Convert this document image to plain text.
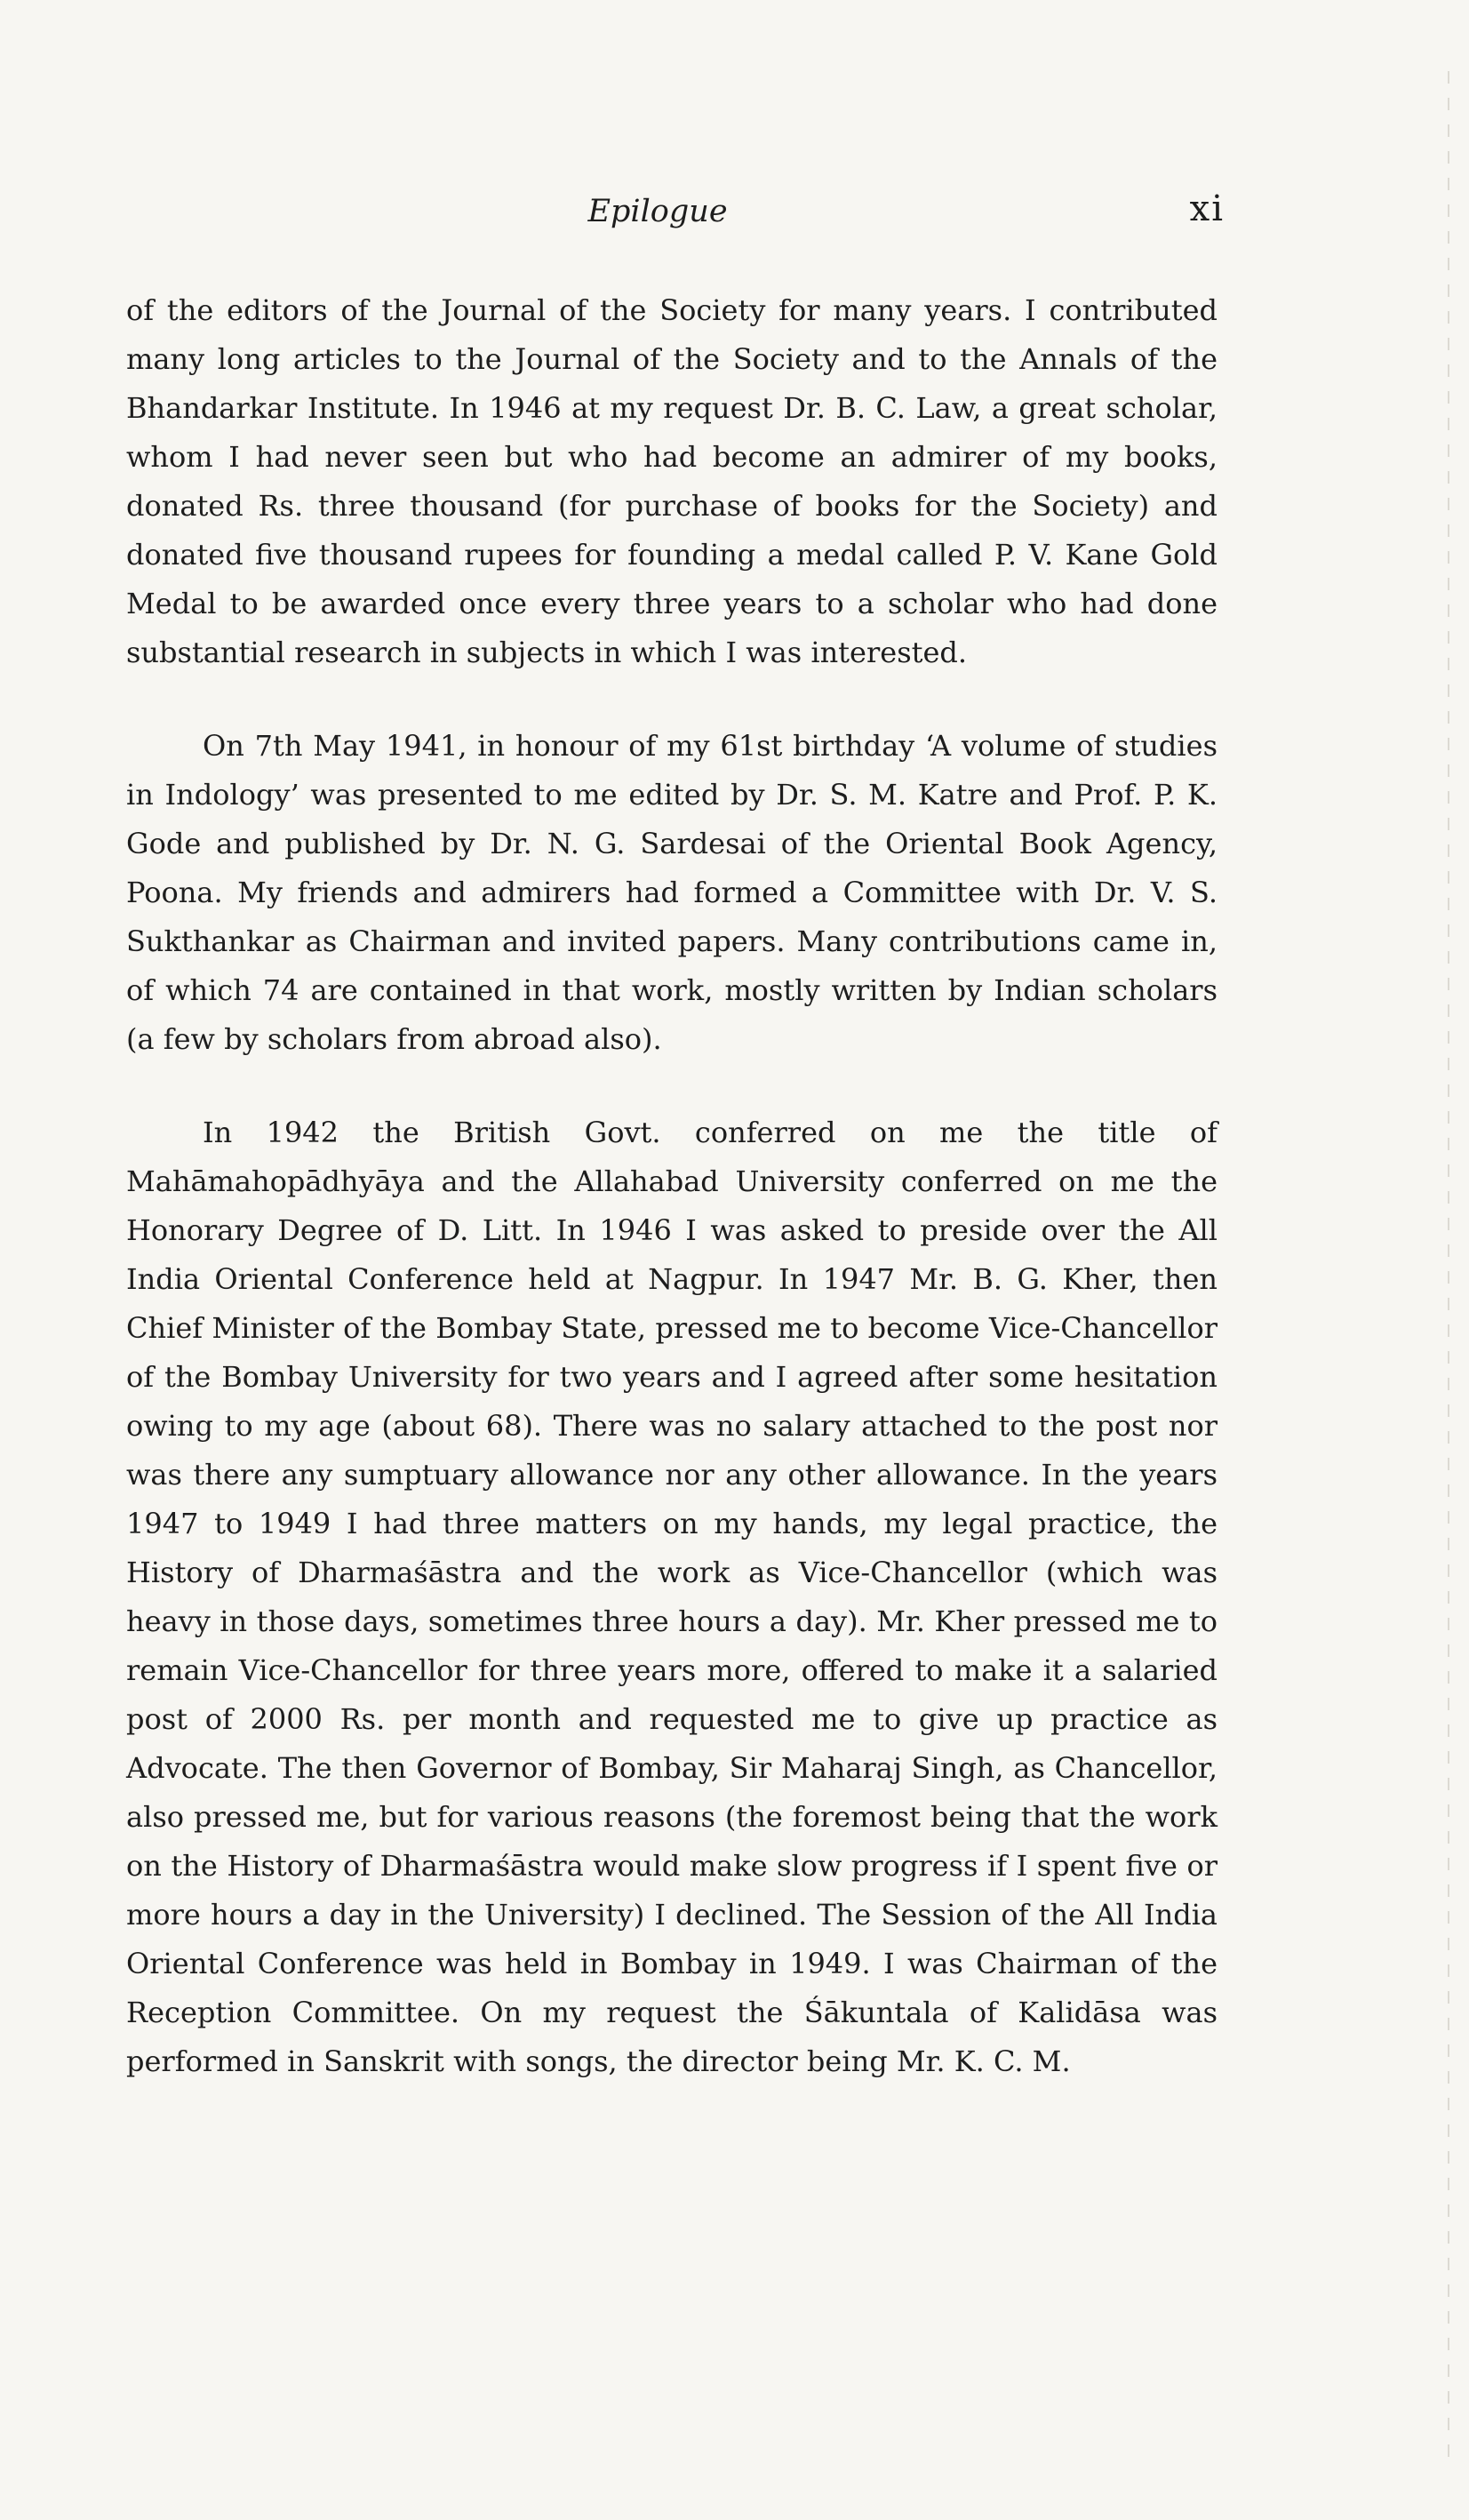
Epilogue	xi

of the editors of the Journal of the Society for many years. I contributed many long articles to the Journal of the Society and to the Annals of the Bhandarkar Institute. In 1946 at my request Dr. B. C. Law, a great scholar, whom I had never seen but who had become an admirer of my books, donated Rs. three thousand (for purchase of books for the Society) and donated five thousand rupees for founding a medal called P. V. Kane Gold Medal to be awarded once every three years to a scholar who had done substantial research in subjects in which I was interested.

On 7th May 1941, in honour of my 61st birthday ‘A volume of studies in Indology’ was presented to me edited by Dr. S. M. Katre and Prof. P. K. Gode and published by Dr. N. G. Sardesai of the Oriental Book Agency, Poona. My friends and admirers had formed a Committee with Dr. V. S. Sukthankar as Chairman and invited papers. Many contributions came in, of which 74 are contained in that work, mostly written by Indian scholars (a few by scholars from abroad also).

In 1942 the British Govt. conferred on me the title of Mahāmahopādhyāya and the Allahabad University conferred on me the Honorary Degree of D. Litt. In 1946 I was asked to preside over the All India Oriental Conference held at Nagpur. In 1947 Mr. B. G. Kher, then Chief Minister of the Bombay State, pressed me to become Vice-Chancellor of the Bombay University for two years and I agreed after some hesitation owing to my age (about 68). There was no salary attached to the post nor was there any sumptuary allowance nor any other allowance. In the years 1947 to 1949 I had three matters on my hands, my legal practice, the History of Dharmaśāstra and the work as Vice-Chancellor (which was heavy in those days, sometimes three hours a day). Mr. Kher pressed me to remain Vice-Chancellor for three years more, offered to make it a salaried post of 2000 Rs. per month and requested me to give up practice as Advocate. The then Governor of Bombay, Sir Maharaj Singh, as Chancellor, also pressed me, but for various reasons (the foremost being that the work on the History of Dharmaśāstra would make slow progress if I spent five or more hours a day in the University) I declined. The Session of the All India Oriental Conference was held in Bombay in 1949. I was Chairman of the Reception Committee. On my request the Śākuntala of Kalidāsa was performed in Sanskrit with songs, the director being Mr. K. C. M.
